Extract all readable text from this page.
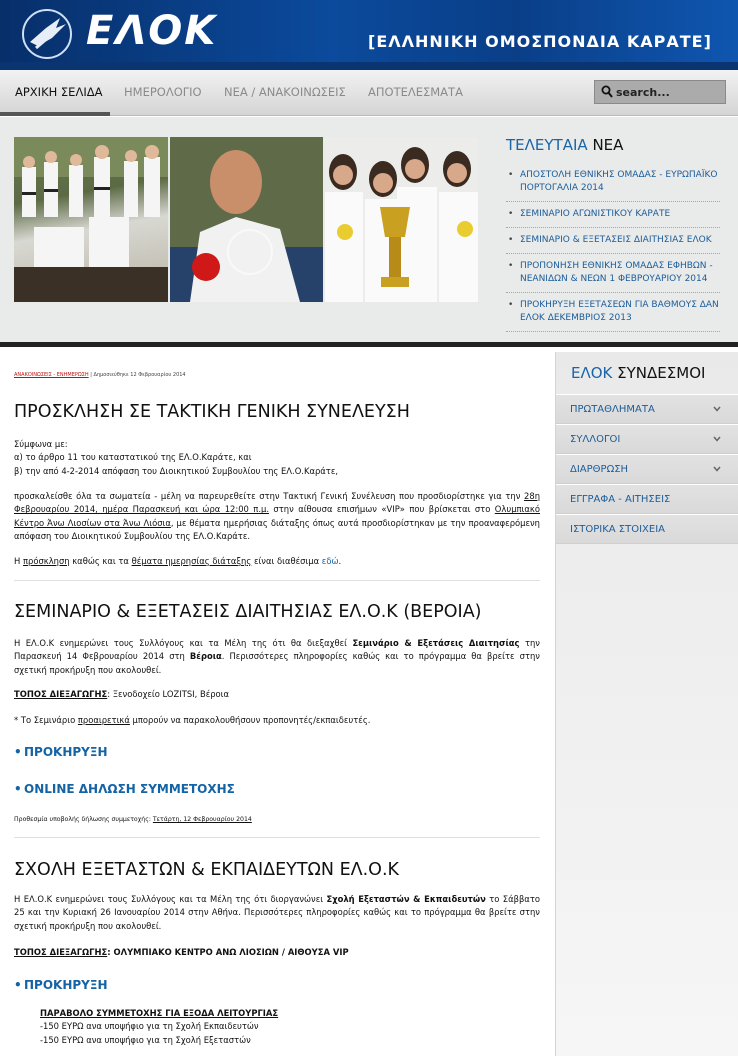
ΕΛΟΚ	[ΕΛΛΗΝΙΚΗ ΟΜΟΣΠΟΝΔΙΑ ΚΑΡΑΤΕ]
ΑΡΧΙΚΗ ΣΕΛΙΔΑ ΗΜΕΡΟΛΟΓΙΟ ΝΕΑ / ΑΝΑΚΟΙΝΩΣΕΙΣ ΑΠΟΤΕΛΕΣΜΑΤΑ	search...
ΤΕΛΕΥΤΑΙΑ ΝΕΑ
• ΑΠΟΣΤΟΛΗ ΕΘΝΙΚΗΣ ΟΜΑΔΑΣ - ΕΥΡΩΠΑΪΚΟ ΠΟΡΤΟΓΑΛΙΑ 2014
• ΣΕΜΙΝΑΡΙΟ ΑΓΩΝΙΣΤΙΚΟΥ ΚΑΡΑΤΕ
• ΣΕΜΙΝΑΡΙΟ & ΕΞΕΤΑΣΕΙΣ ΔΙΑΙΤΗΣΙΑΣ ΕΛΟΚ
• ΠΡΟΠΟΝΗΣΗ ΕΘΝΙΚΗΣ ΟΜΑΔΑΣ ΕΦΗΒΩΝ - ΝΕΑΝΙΔΩΝ & ΝΕΩΝ 1 ΦΕΒΡΟΥΑΡΙΟΥ 2014
• ΠΡΟΚΗΡΥΞΗ ΕΞΕΤΑΣΕΩΝ ΓΙΑ ΒΑΘΜΟΥΣ ΔΑΝ ΕΛΟΚ ΔΕΚΕΜΒΡΙΟΣ 2013
ΑΝΑΚΟΙΝΩΣΕΙΣ - ΕΝΗΜΕΡΩΣΗ | Δημοσιεύθηκε 12 Φεβρουαρίου 2014
ΠΡΟΣΚΛΗΣΗ ΣΕ ΤΑΚΤΙΚΗ ΓΕΝΙΚΗ ΣΥΝΕΛΕΥΣΗ
Σύμφωνα με:
α) το άρθρο 11 του καταστατικού της ΕΛ.Ο.Καράτε, και
β) την από 4-2-2014 απόφαση του Διοικητικού Συμβουλίου της ΕΛ.Ο.Καράτε,
προσκαλείσθε όλα τα σωματεία - μέλη να παρευρεθείτε στην Τακτική Γενική Συνέλευση που προσδιορίστηκε για την 28η Φεβρουαρίου 2014, ημέρα Παρασκευή και ώρα 12:00 π.μ. στην αίθουσα επισήμων «VIP» που βρίσκεται στο Ολυμπιακό Κέντρο Άνω Λιοσίων στα Άνω Λιόσια, με θέματα ημερήσιας διάταξης όπως αυτά προσδιορίστηκαν με την προαναφερόμενη απόφαση του Διοικητικού Συμβουλίου της ΕΛ.Ο.Καράτε.
Η πρόσκληση καθώς και τα θέματα ημερησίας διάταξης είναι διαθέσιμα εδώ.
ΣΕΜΙΝΑΡΙΟ & ΕΞΕΤΑΣΕΙΣ ΔΙΑΙΤΗΣΙΑΣ ΕΛ.Ο.Κ (ΒΕΡΟΙΑ)
Η ΕΛ.Ο.Κ ενημερώνει τους Συλλόγους και τα Μέλη της ότι θα διεξαχθεί Σεμινάριο & Εξετάσεις Διαιτησίας την Παρασκευή 14 Φεβρουαρίου 2014 στη Βέροια. Περισσότερες πληροφορίες καθώς και το πρόγραμμα θα βρείτε στην σχετική προκήρυξη που ακολουθεί.
ΤΟΠΟΣ ΔΙΕΞΑΓΩΓΗΣ: Ξενοδοχείο LOZITSI, Βέροια
* Το Σεμινάριο προαιρετικά μπορούν να παρακολουθήσουν προπονητές/εκπαιδευτές.
• ΠΡΟΚΗΡΥΞΗ
• ONLINE ΔΗΛΩΣΗ ΣΥΜΜΕΤΟΧΗΣ
Προθεσμία υποβολής δήλωσης συμμετοχής: Τετάρτη, 12 Φεβρουαρίου 2014
ΣΧΟΛΗ ΕΞΕΤΑΣΤΩΝ & ΕΚΠΑΙΔΕΥΤΩΝ ΕΛ.Ο.Κ
Η ΕΛ.Ο.Κ ενημερώνει τους Συλλόγους και τα Μέλη της ότι διοργανώνει Σχολή Εξεταστών & Εκπαιδευτών το Σάββατο 25 και την Κυριακή 26 Ιανουαρίου 2014 στην Αθήνα. Περισσότερες πληροφορίες καθώς και το πρόγραμμα θα βρείτε στην σχετική προκήρυξη που ακολουθεί.
ΤΟΠΟΣ ΔΙΕΞΑΓΩΓΗΣ: ΟΛΥΜΠΙΑΚΟ ΚΕΝΤΡΟ ΑΝΩ ΛΙΟΣΙΩΝ / ΑΙΘΟΥΣΑ VIP
• ΠΡΟΚΗΡΥΞΗ
ΠΑΡΑΒΟΛΟ ΣΥΜΜΕΤΟΧΗΣ ΓΙΑ ΕΞΟΔΑ ΛΕΙΤΟΥΡΓΙΑΣ
-150 ΕΥΡΩ ανα υποψήφιο για τη Σχολή Εκπαιδευτών
-150 ΕΥΡΩ ανα υποψήφιο για τη Σχολή Εξεταστών
ΕΛΟΚ ΣΥΝΔΕΣΜΟΙ
ΠΡΩΤΑΘΛΗΜΑΤΑ
ΣΥΛΛΟΓΟΙ
ΔΙΑΡΘΡΩΣΗ
ΕΓΓΡΑΦΑ - ΑΙΤΗΣΕΙΣ
ΙΣΤΟΡΙΚΑ ΣΤΟΙΧΕΙΑ
